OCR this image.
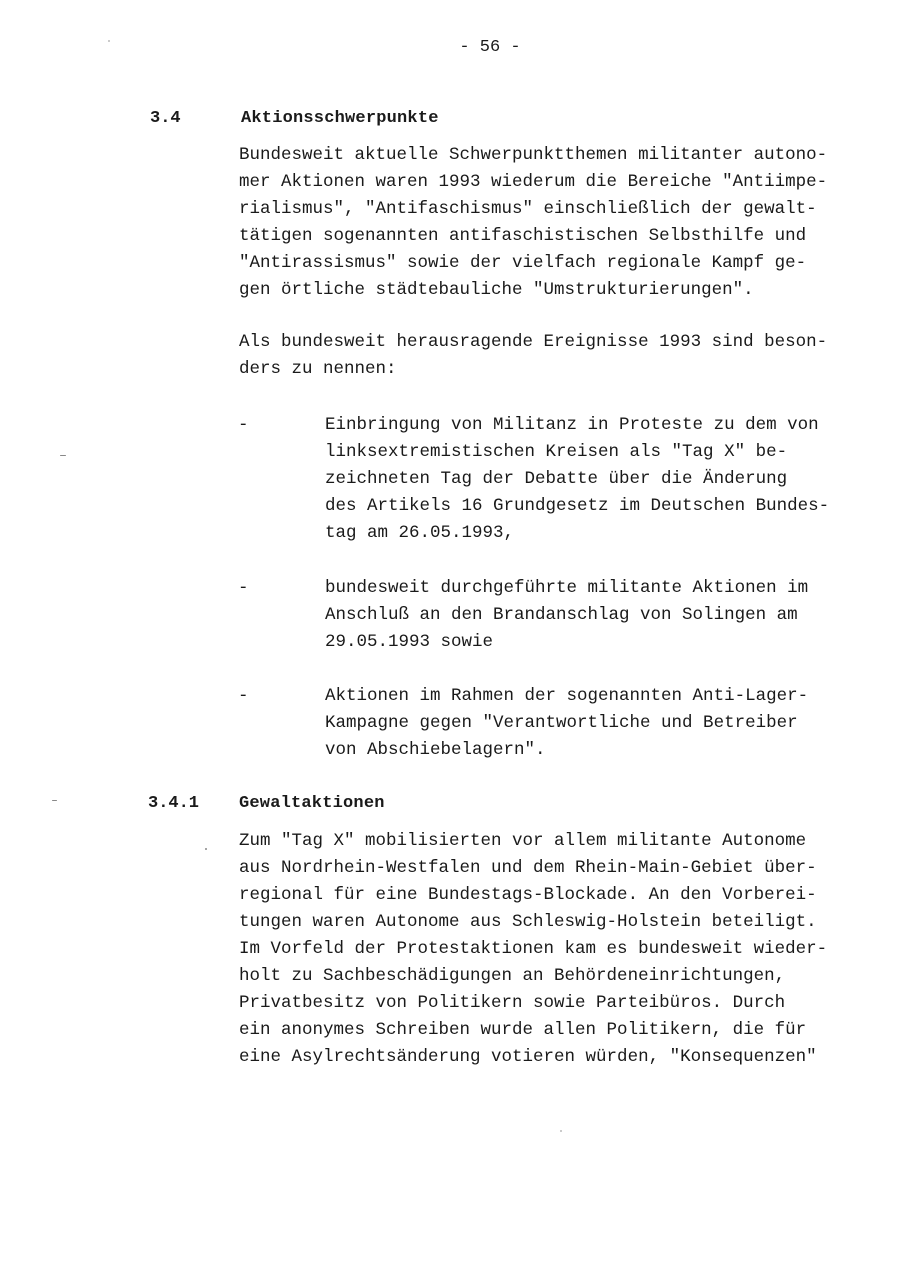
- 56 -
3.4	Aktionsschwerpunkte
Bundesweit aktuelle Schwerpunktthemen militanter autono-
mer Aktionen waren 1993 wiederum die Bereiche "Antiimpe-
rialismus", "Antifaschismus" einschließlich der gewalt-
tätigen sogenannten antifaschistischen Selbsthilfe und
"Antirassismus" sowie der vielfach regionale Kampf ge-
gen örtliche städtebauliche "Umstrukturierungen".
Als bundesweit herausragende Ereignisse 1993 sind beson-
ders zu nennen:
-	Einbringung von Militanz in Proteste zu dem von
linksextremistischen Kreisen als "Tag X" be-
zeichneten Tag der Debatte über die Änderung
des Artikels 16 Grundgesetz im Deutschen Bundes-
tag am 26.05.1993,
-	bundesweit durchgeführte militante Aktionen im
Anschluß an den Brandanschlag von Solingen am
29.05.1993 sowie
-	Aktionen im Rahmen der sogenannten Anti-Lager-
Kampagne gegen "Verantwortliche und Betreiber
von Abschiebelagern".
3.4.1 Gewaltaktionen
Zum "Tag X" mobilisierten vor allem militante Autonome
aus Nordrhein-Westfalen und dem Rhein-Main-Gebiet über-
regional für eine Bundestags-Blockade. An den Vorberei-
tungen waren Autonome aus Schleswig-Holstein beteiligt.
Im Vorfeld der Protestaktionen kam es bundesweit wieder-
holt zu Sachbeschädigungen an Behördeneinrichtungen,
Privatbesitz von Politikern sowie Parteibüros. Durch
ein anonymes Schreiben wurde allen Politikern, die für
eine Asylrechtsänderung votieren würden, "Konsequenzen"
